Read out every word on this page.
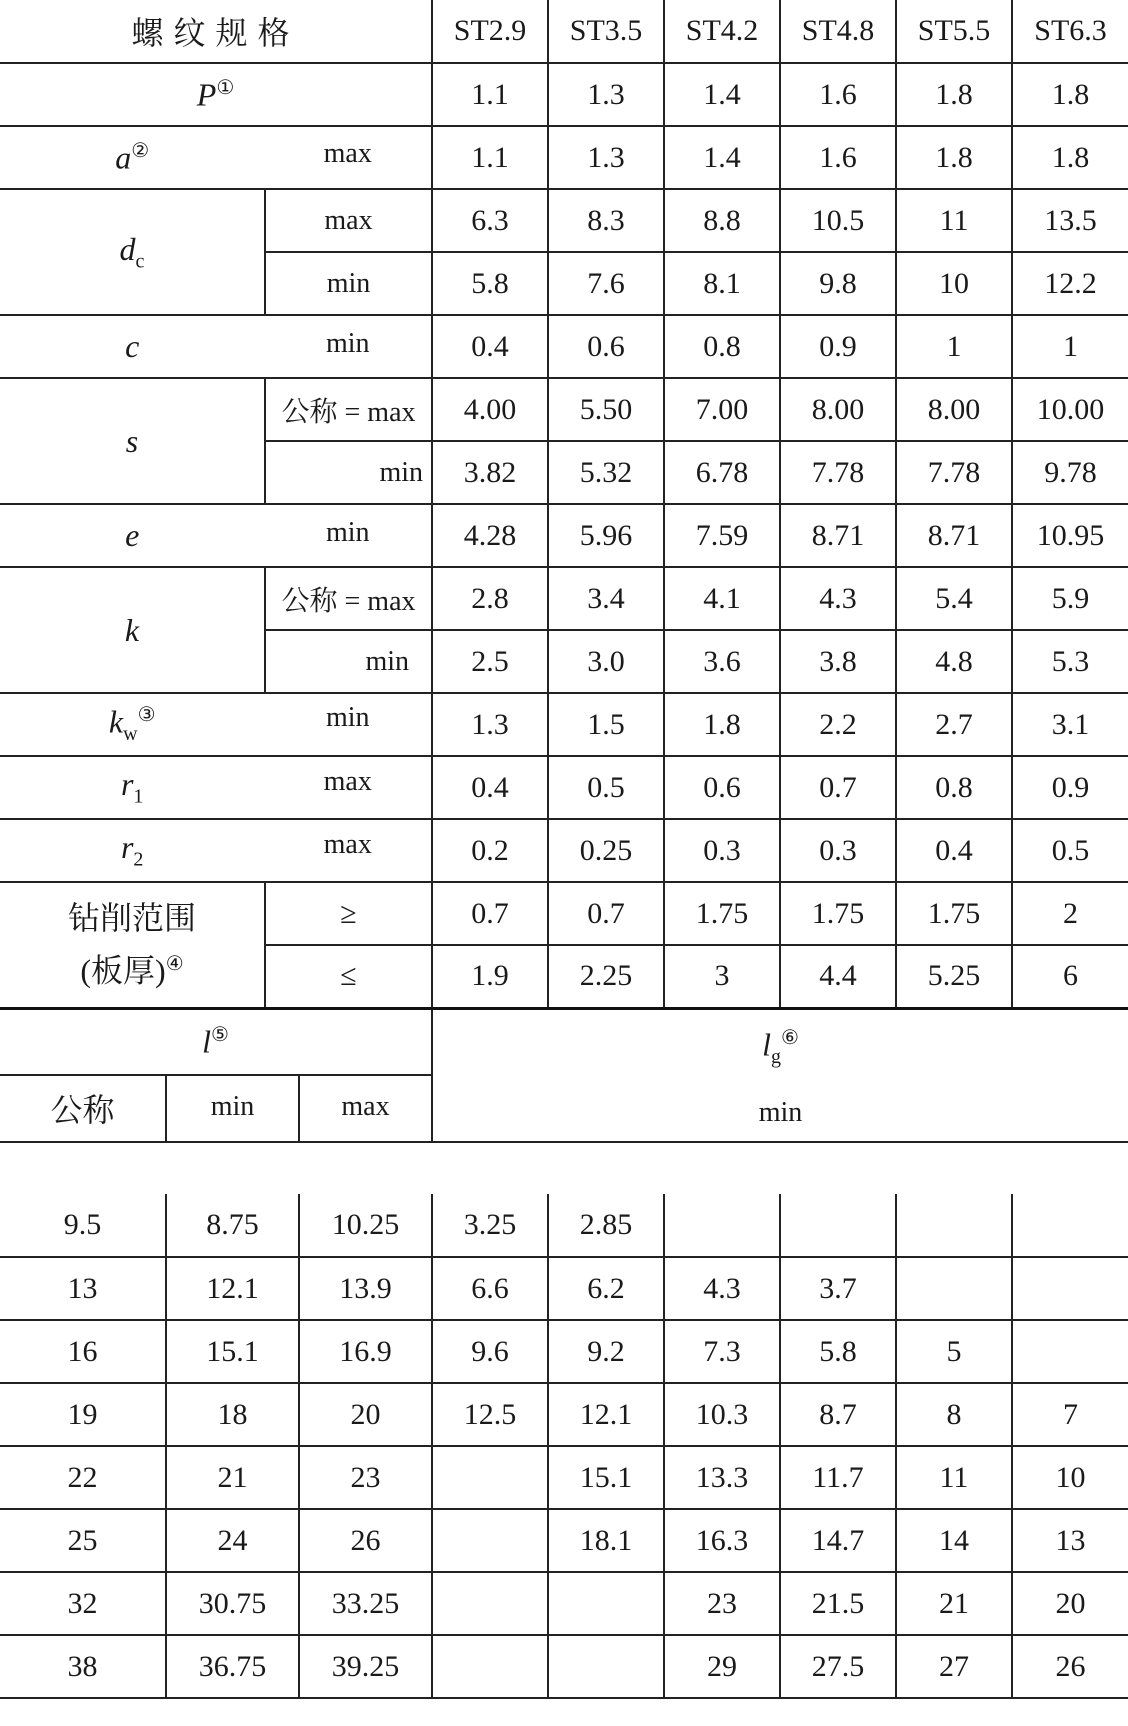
螺纹规格			ST2.9	ST3.5	ST4.2	ST4.8	ST5.5	ST6.3
P①			1.1	1.3	1.4	1.6	1.8	1.8

a② max			1.1	1.3	1.4	1.6	1.8	1.8
$d_c$		max	6.3	8.3	8.8	10.5	11	13.5
		min	5.8	7.6	8.1	9.8	10	12.2

c min			0.4	0.6	0.8	0.9	1	1
s		公称 = max	4.00	5.50	7.00	8.00	8.00	10.00
		min	3.82	5.32	6.78	7.78	7.78	9.78

e min			4.28	5.96	7.59	8.71	8.71	10.95
k		公称 = max	2.8	3.4	4.1	4.3	5.4	5.9
		min	2.5	3.0	3.6	3.8	4.8	5.3

$k_w^③$ min			1.3	1.5	1.8	2.2	2.7	3.1

$r_1$ max			0.4	0.5	0.6	0.7	0.8	0.9

$r_2$ max			0.2	0.25	0.3	0.3	0.4	0.5

钻削范围
(板厚)④		≥	0.7	0.7	1.75	1.75	1.75	2
		≤	1.9	2.25	3	4.4	5.25	6
l⑤			$l_g^⑥$
min					

公称	min max							
9.5	8.75	10.25	3.25	2.85				
13	12.1	13.9	6.6	6.2	4.3	3.7		
16	15.1	16.9	9.6	9.2	7.3	5.8	5	
19	18	20	12.5	12.1	10.3	8.7	8	7
22	21	23		15.1	13.3	11.7	11	10
25	24	26		18.1	16.3	14.7	14	13
32	30.75	33.25			23	21.5	21	20
38	36.75	39.25			29	27.5	27	26
